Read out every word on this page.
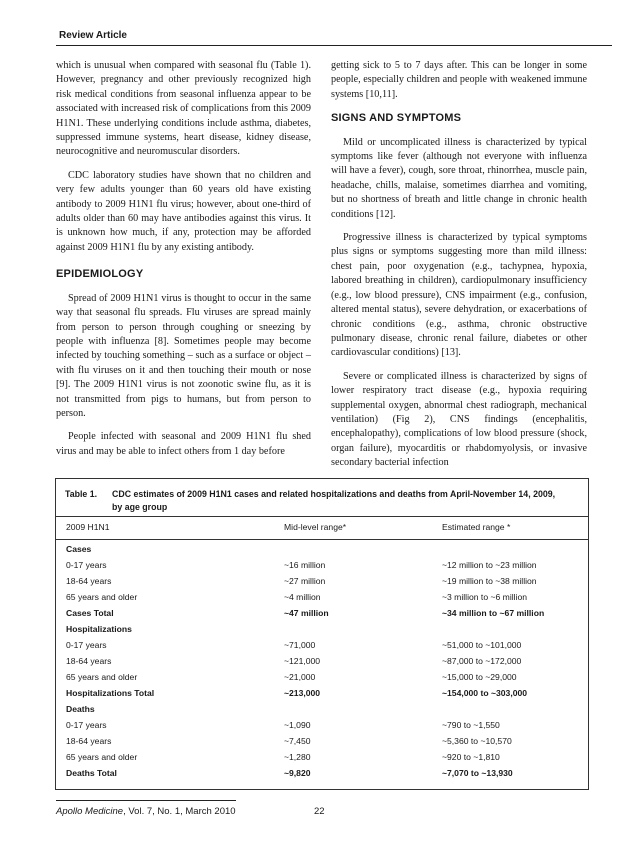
Review Article

which is unusual when compared with seasonal flu (Table 1). However, pregnancy and other previously recognized high risk medical conditions from seasonal influenza appear to be associated with increased risk of complications from this 2009 H1N1. These underlying conditions include asthma, diabetes, suppressed immune systems, heart disease, kidney disease, neurocognitive and neuromuscular disorders.

CDC laboratory studies have shown that no children and very few adults younger than 60 years old have existing antibody to 2009 H1N1 flu virus; however, about one-third of adults older than 60 may have antibodies against this virus. It is unknown how much, if any, protection may be afforded against 2009 H1N1 flu by any existing antibody.

EPIDEMIOLOGY

Spread of 2009 H1N1 virus is thought to occur in the same way that seasonal flu spreads. Flu viruses are spread mainly from person to person through coughing or sneezing by people with influenza [8]. Sometimes people may become infected by touching something – such as a surface or object – with flu viruses on it and then touching their mouth or nose [9]. The 2009 H1N1 virus is not zoonotic swine flu, as it is not transmitted from pigs to humans, but from person to person.

People infected with seasonal and 2009 H1N1 flu shed virus and may be able to infect others from 1 day before

getting sick to 5 to 7 days after. This can be longer in some people, especially children and people with weakened immune systems [10,11].

SIGNS AND SYMPTOMS

Mild or uncomplicated illness is characterized by typical symptoms like fever (although not everyone with influenza will have a fever), cough, sore throat, rhinorrhea, muscle pain, headache, chills, malaise, sometimes diarrhea and vomiting, but no shortness of breath and little change in chronic health conditions [12].

Progressive illness is characterized by typical symptoms plus signs or symptoms suggesting more than mild illness: chest pain, poor oxygenation (e.g., tachypnea, hypoxia, labored breathing in children), cardiopulmonary insufficiency (e.g., low blood pressure), CNS impairment (e.g., confusion, altered mental status), severe dehydration, or exacerbations of chronic conditions (e.g., asthma, chronic obstructive pulmonary disease, chronic renal failure, diabetes or other cardiovascular conditions) [13].

Severe or complicated illness is characterized by signs of lower respiratory tract disease (e.g., hypoxia requiring supplemental oxygen, abnormal chest radiograph, mechanical ventilation) (Fig 2), CNS findings (encephalitis, encephalopathy), complications of low blood pressure (shock, organ failure), myocarditis or rhabdomyolysis, or invasive secondary bacterial infection

Table 1. CDC estimates of 2009 H1N1 cases and related hospitalizations and deaths from April-November 14, 2009, by age group
2009 H1N1	Mid-level range*	Estimated range *
Cases
0-17 years	~16 million	~12 million to ~23 million
18-64 years	~27 million	~19 million to ~38 million
65 years and older	~4 million	~3 million to ~6 million
Cases Total	~47 million	~34 million to ~67 million
Hospitalizations
0-17 years	~71,000	~51,000 to ~101,000
18-64 years	~121,000	~87,000 to ~172,000
65 years and older	~21,000	~15,000 to ~29,000
Hospitalizations Total	~213,000	~154,000 to ~303,000
Deaths
0-17 years	~1,090	~790 to ~1,550
18-64 years	~7,450	~5,360 to ~10,570
65 years and older	~1,280	~920 to ~1,810
Deaths Total	~9,820	~7,070 to ~13,930
Apollo Medicine, Vol. 7, No. 1, March 2010	22
